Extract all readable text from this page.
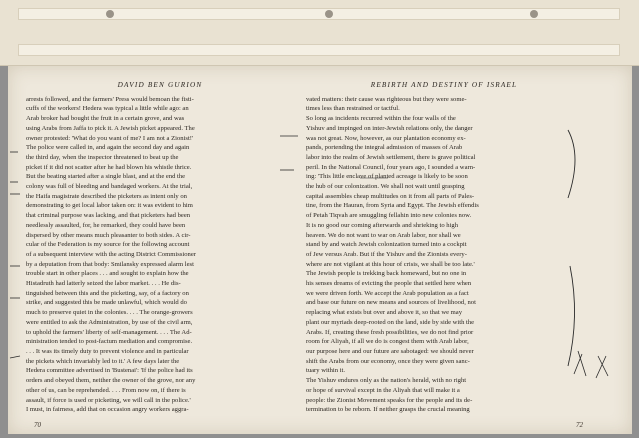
DAVID BEN GURION
arrests followed, and the farmers' Press would bemoan the fisti-
cuffs of the workers! Hedera was typical a little while ago: an
Arab broker had bought the fruit in a certain grove, and was
using Arabs from Jaffa to pick it. A Jewish picket appeared. The
owner protested: 'What do you want of me? I am not a Zionist!'
The police were called in, and again the second day and again
the third day, when the inspector threatened to beat up the
picket if it did not scatter after he had blown his whistle thrice.
But the beating started after a single blast, and at the end the
colony was full of bleeding and bandaged workers. At the trial,
the Haifa magistrate described the picketers as intent only on
demonstrating to get local labor taken on: it was evident to him
that criminal purpose was lacking, and that picketers had been
needlessly assaulted, for, he remarked, they could have been
dispersed by other means much pleasanter to both sides. A cir-
cular of the Federation is my source for the following account
of a subsequent interview with the acting District Commissioner
by a deputation from that body: Smilansky expressed alarm lest
trouble start in other places . . . and sought to explain how the
Histadruth had latterly seized the labor market. . . . He dis-
tinguished between this and the picketing, say, of a factory on
strike, and suggested this be made unlawful, which would do
much to preserve quiet in the colonies. . . . The orange-growers
were entitled to ask the Administration, by use of the civil arm,
to uphold the farmers' liberty of self-management. . . . The Ad-
ministration tended to post-factum mediation and compromise.
. . . It was its timely duty to prevent violence and in particular
the pickets which invariably led to it.' A few days later the
Hedera committee advertised in 'Bustenai': 'If the police had its
orders and obeyed them, neither the owner of the grove, nor any
other of us, can be reprehended. . . . From now on, if there is
assault, if force is used or picketing, we will call in the police.'
I must, in fairness, add that on occasion angry workers aggra-
REBIRTH AND DESTINY OF ISRAEL
vated matters: their cause was righteous but they were some-
times less than restrained or tactful.
So long as incidents recurred within the four walls of the
Yishuv and impinged on inter-Jewish relations only, the danger
was not great. Now, however, as our plantation economy ex-
pands, portending the integral admission of masses of Arab
labor into the realm of Jewish settlement, there is grave political
peril. In the National Council, four years ago, I sounded a warn-
ing: 'This little enclave of planted acreage is likely to be soon
the hub of our colonization. We shall not wait until grasping
capital assembles cheap multitudes on it from all parts of Pales-
tine, from the Hauran, from Syria and Egypt. The Jewish effendis
of Petah Tiqvah are smuggling fellahin into new colonies now.
It is no good our coming afterwards and shrieking to high
heaven. We do not want to war on Arab labor, nor shall we
stand by and watch Jewish colonization turned into a cockpit
of Jew versus Arab. But if the Yishuv and the Zionists every-
where are not vigilant at this hour of crisis, we shall be too late.'
The Jewish people is trekking back homeward, but no one in
his senses dreams of evicting the people that settled here when
we were driven forth. We accept the Arab population as a fact
and base our future on new means and sources of livelihood, not
replacing what exists but over and above it, so that we may
plant our myriads deep-rooted on the land, side by side with the
Arabs. If, creating these fresh possibilities, we do not find prior
room for Aliyah, if all we do is congest them with Arab labor,
our purpose here and our future are sabotaged: we should never
shift the Arabs from our economy, once they were given sanc-
tuary within it.
The Yishuv endures only as the nation's herald, with no right
or hope of survival except in the Aliyah that will make it a
people: the Zionist Movement speaks for the people and its de-
termination to be reborn. If neither grasps the crucial meaning
70	72
